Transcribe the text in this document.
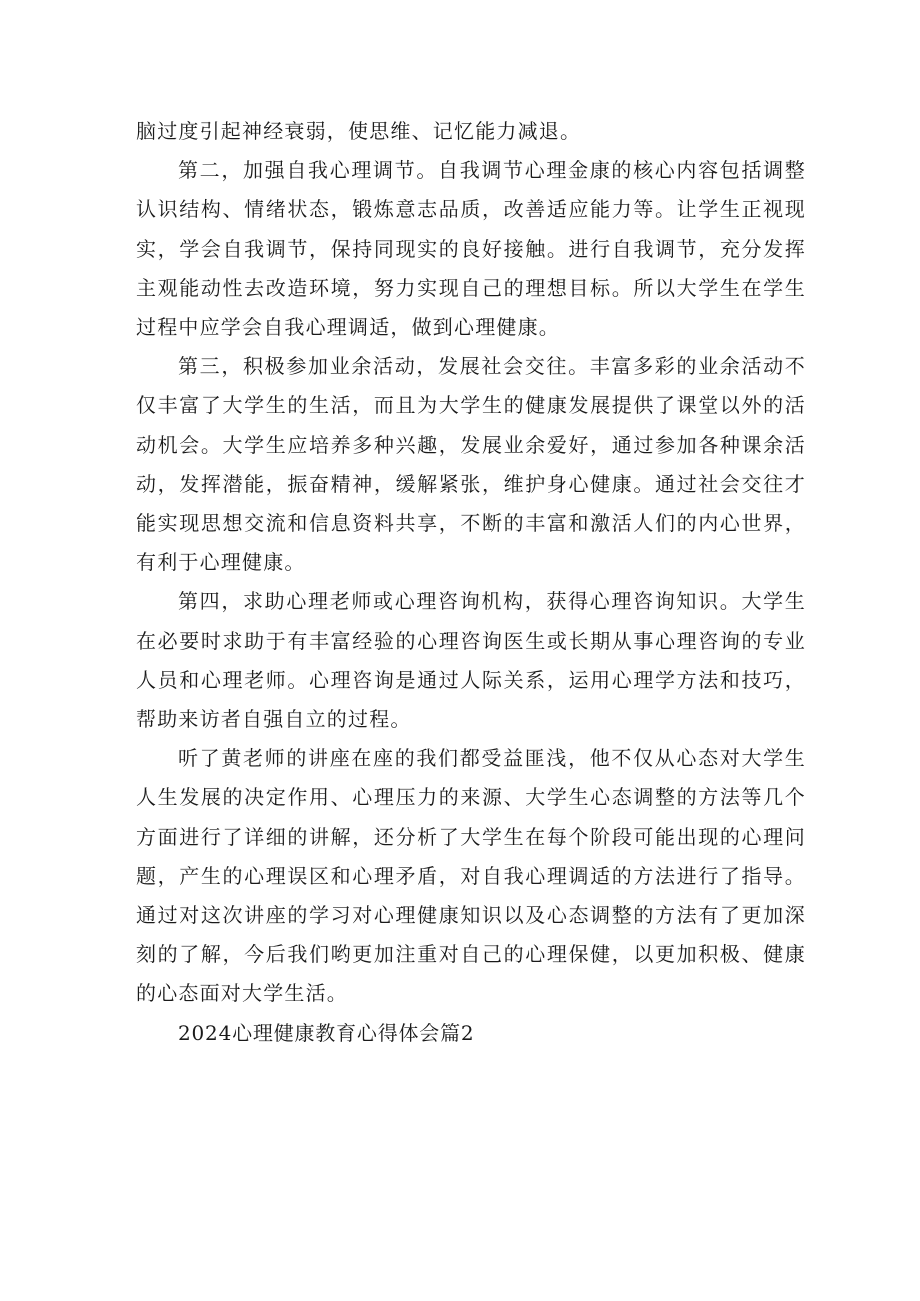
脑过度引起神经衰弱，使思维、记忆能力减退。

第二，加强自我心理调节。自我调节心理金康的核心内容包括调整认识结构、情绪状态，锻炼意志品质，改善适应能力等。让学生正视现实，学会自我调节，保持同现实的良好接触。进行自我调节，充分发挥主观能动性去改造环境，努力实现自己的理想目标。所以大学生在学生过程中应学会自我心理调适，做到心理健康。

第三，积极参加业余活动，发展社会交往。丰富多彩的业余活动不仅丰富了大学生的生活，而且为大学生的健康发展提供了课堂以外的活动机会。大学生应培养多种兴趣，发展业余爱好，通过参加各种课余活动，发挥潜能，振奋精神，缓解紧张，维护身心健康。通过社会交往才能实现思想交流和信息资料共享，不断的丰富和激活人们的内心世界，有利于心理健康。

第四，求助心理老师或心理咨询机构，获得心理咨询知识。大学生在必要时求助于有丰富经验的心理咨询医生或长期从事心理咨询的专业人员和心理老师。心理咨询是通过人际关系，运用心理学方法和技巧，帮助来访者自强自立的过程。

听了黄老师的讲座在座的我们都受益匪浅，他不仅从心态对大学生人生发展的决定作用、心理压力的来源、大学生心态调整的方法等几个方面进行了详细的讲解，还分析了大学生在每个阶段可能出现的心理问题，产生的心理误区和心理矛盾，对自我心理调适的方法进行了指导。通过对这次讲座的学习对心理健康知识以及心态调整的方法有了更加深刻的了解，今后我们哟更加注重对自己的心理保健，以更加积极、健康的心态面对大学生活。

2024心理健康教育心得体会篇2
